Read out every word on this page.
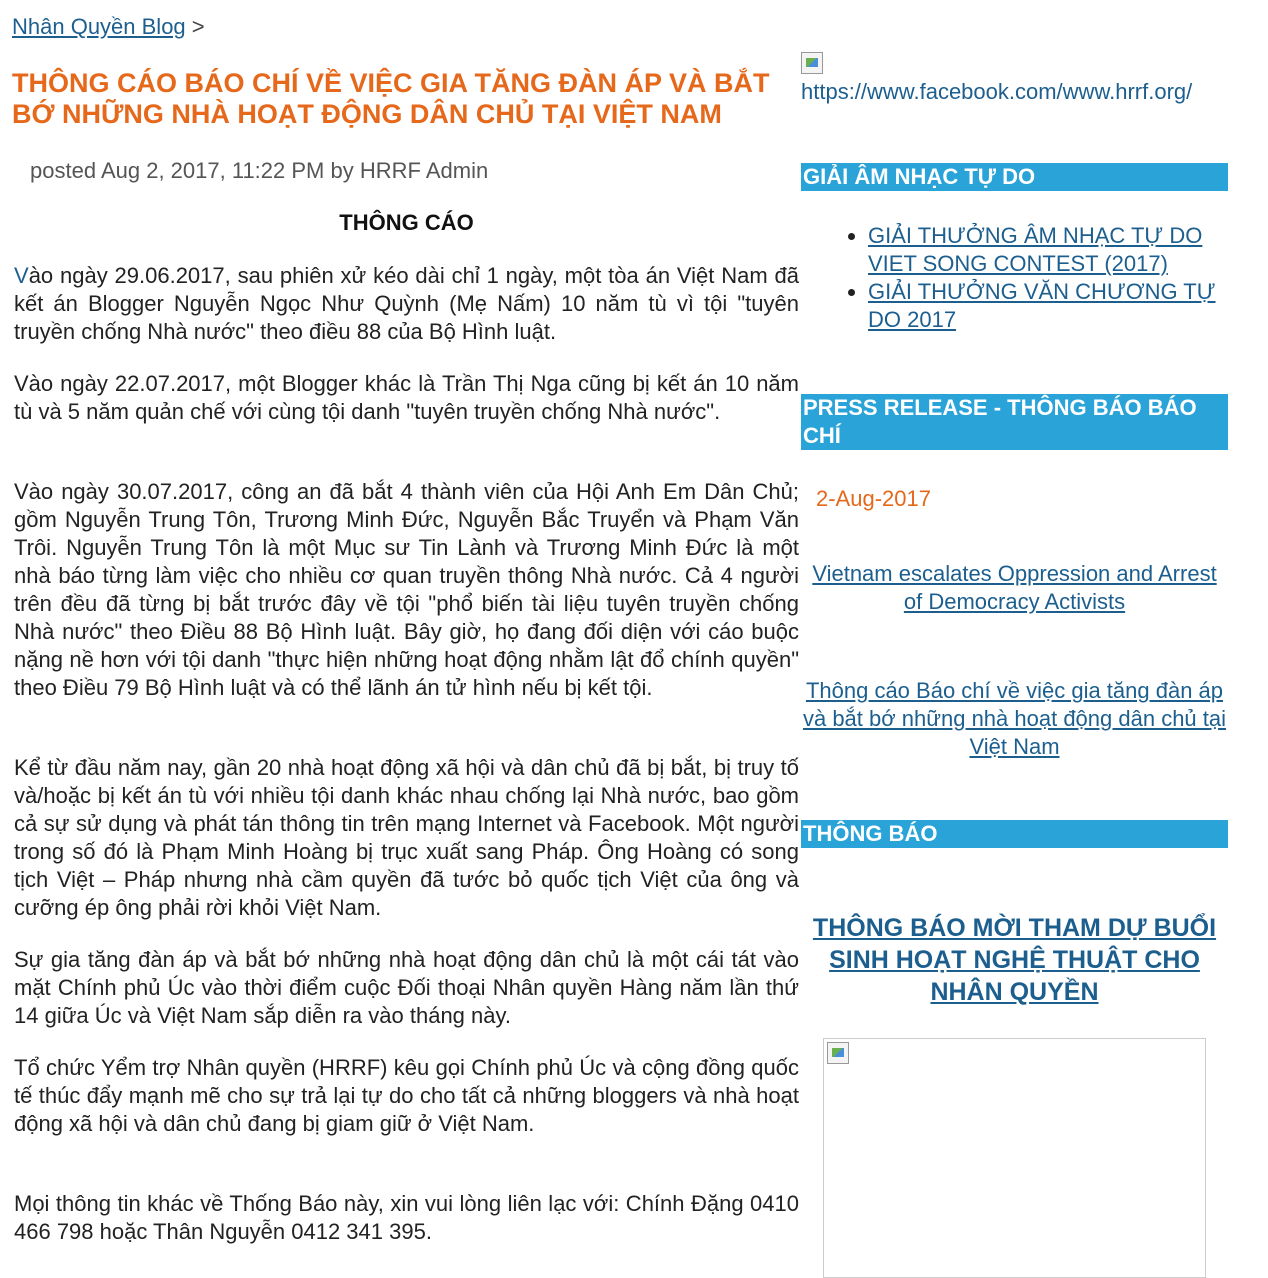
Nhân Quyền Blog >
THÔNG CÁO BÁO CHÍ VỀ VIỆC GIA TĂNG ĐÀN ÁP VÀ BẮT BỚ NHỮNG NHÀ HOẠT ĐỘNG DÂN CHỦ TẠI VIỆT NAM
posted Aug 2, 2017, 11:22 PM by HRRF Admin
THÔNG CÁO

Vào ngày 29.06.2017, sau phiên xử kéo dài chỉ 1 ngày, một tòa án Việt Nam đã kết án Blogger Nguyễn Ngọc Như Quỳnh (Mẹ Nấm) 10 năm tù vì tội "tuyên truyền chống Nhà nước" theo điều 88 của Bộ Hình luật.

Vào ngày 22.07.2017, một Blogger khác là Trần Thị Nga cũng bị kết án 10 năm tù và 5 năm quản chế với cùng tội danh "tuyên truyền chống Nhà nước".

Vào ngày 30.07.2017, công an đã bắt 4 thành viên của Hội Anh Em Dân Chủ; gồm Nguyễn Trung Tôn, Trương Minh Đức, Nguyễn Bắc Truyển và Phạm Văn Trôi. Nguyễn Trung Tôn là một Mục sư Tin Lành và Trương Minh Đức là một nhà báo từng làm việc cho nhiều cơ quan truyền thông Nhà nước. Cả 4 người trên đều đã từng bị bắt trước đây về tội "phổ biến tài liệu tuyên truyền chống Nhà nước" theo Điều 88 Bộ Hình luật. Bây giờ, họ đang đối diện với cáo buộc nặng nề hơn với tội danh "thực hiện những hoạt động nhằm lật đổ chính quyền" theo Điều 79 Bộ Hình luật và có thể lãnh án tử hình nếu bị kết tội.

Kể từ đầu năm nay, gần 20 nhà hoạt động xã hội và dân chủ đã bị bắt, bị truy tố và/hoặc bị kết án tù với nhiều tội danh khác nhau chống lại Nhà nước, bao gồm cả sự sử dụng và phát tán thông tin trên mạng Internet và Facebook. Một người trong số đó là Phạm Minh Hoàng bị trục xuất sang Pháp. Ông Hoàng có song tịch Việt – Pháp nhưng nhà cầm quyền đã tước bỏ quốc tịch Việt của ông và cưỡng ép ông phải rời khỏi Việt Nam.

Sự gia tăng đàn áp và bắt bớ những nhà hoạt động dân chủ là một cái tát vào mặt Chính phủ Úc vào thời điểm cuộc Đối thoại Nhân quyền Hàng năm lần thứ 14 giữa Úc và Việt Nam sắp diễn ra vào tháng này.

Tổ chức Yểm trợ Nhân quyền (HRRF) kêu gọi Chính phủ Úc và cộng đồng quốc tế thúc đẩy mạnh mẽ cho sự trả lại tự do cho tất cả những bloggers và nhà hoạt động xã hội và dân chủ đang bị giam giữ ở Việt Nam.

Mọi thông tin khác về Thống Báo này, xin vui lòng liên lạc với: Chính Đặng 0410 466 798 hoặc Thân Nguyễn 0412 341 395.

https://www.facebook.com/www.hrrf.org/
GIẢI ÂM NHẠC TỰ DO
• GIẢI THƯỞNG ÂM NHẠC TỰ DO VIET SONG CONTEST (2017)
• GIẢI THƯỞNG VĂN CHƯƠNG TỰ DO 2017
PRESS RELEASE - THÔNG BÁO BÁO CHÍ
2-Aug-2017
Vietnam escalates Oppression and Arrest of Democracy Activists
Thông cáo Báo chí về việc gia tăng đàn áp và bắt bớ những nhà hoạt động dân chủ tại Việt Nam
THÔNG BÁO
THÔNG BÁO MỜI THAM DỰ BUỔI SINH HOẠT NGHỆ THUẬT CHO NHÂN QUYỀN
